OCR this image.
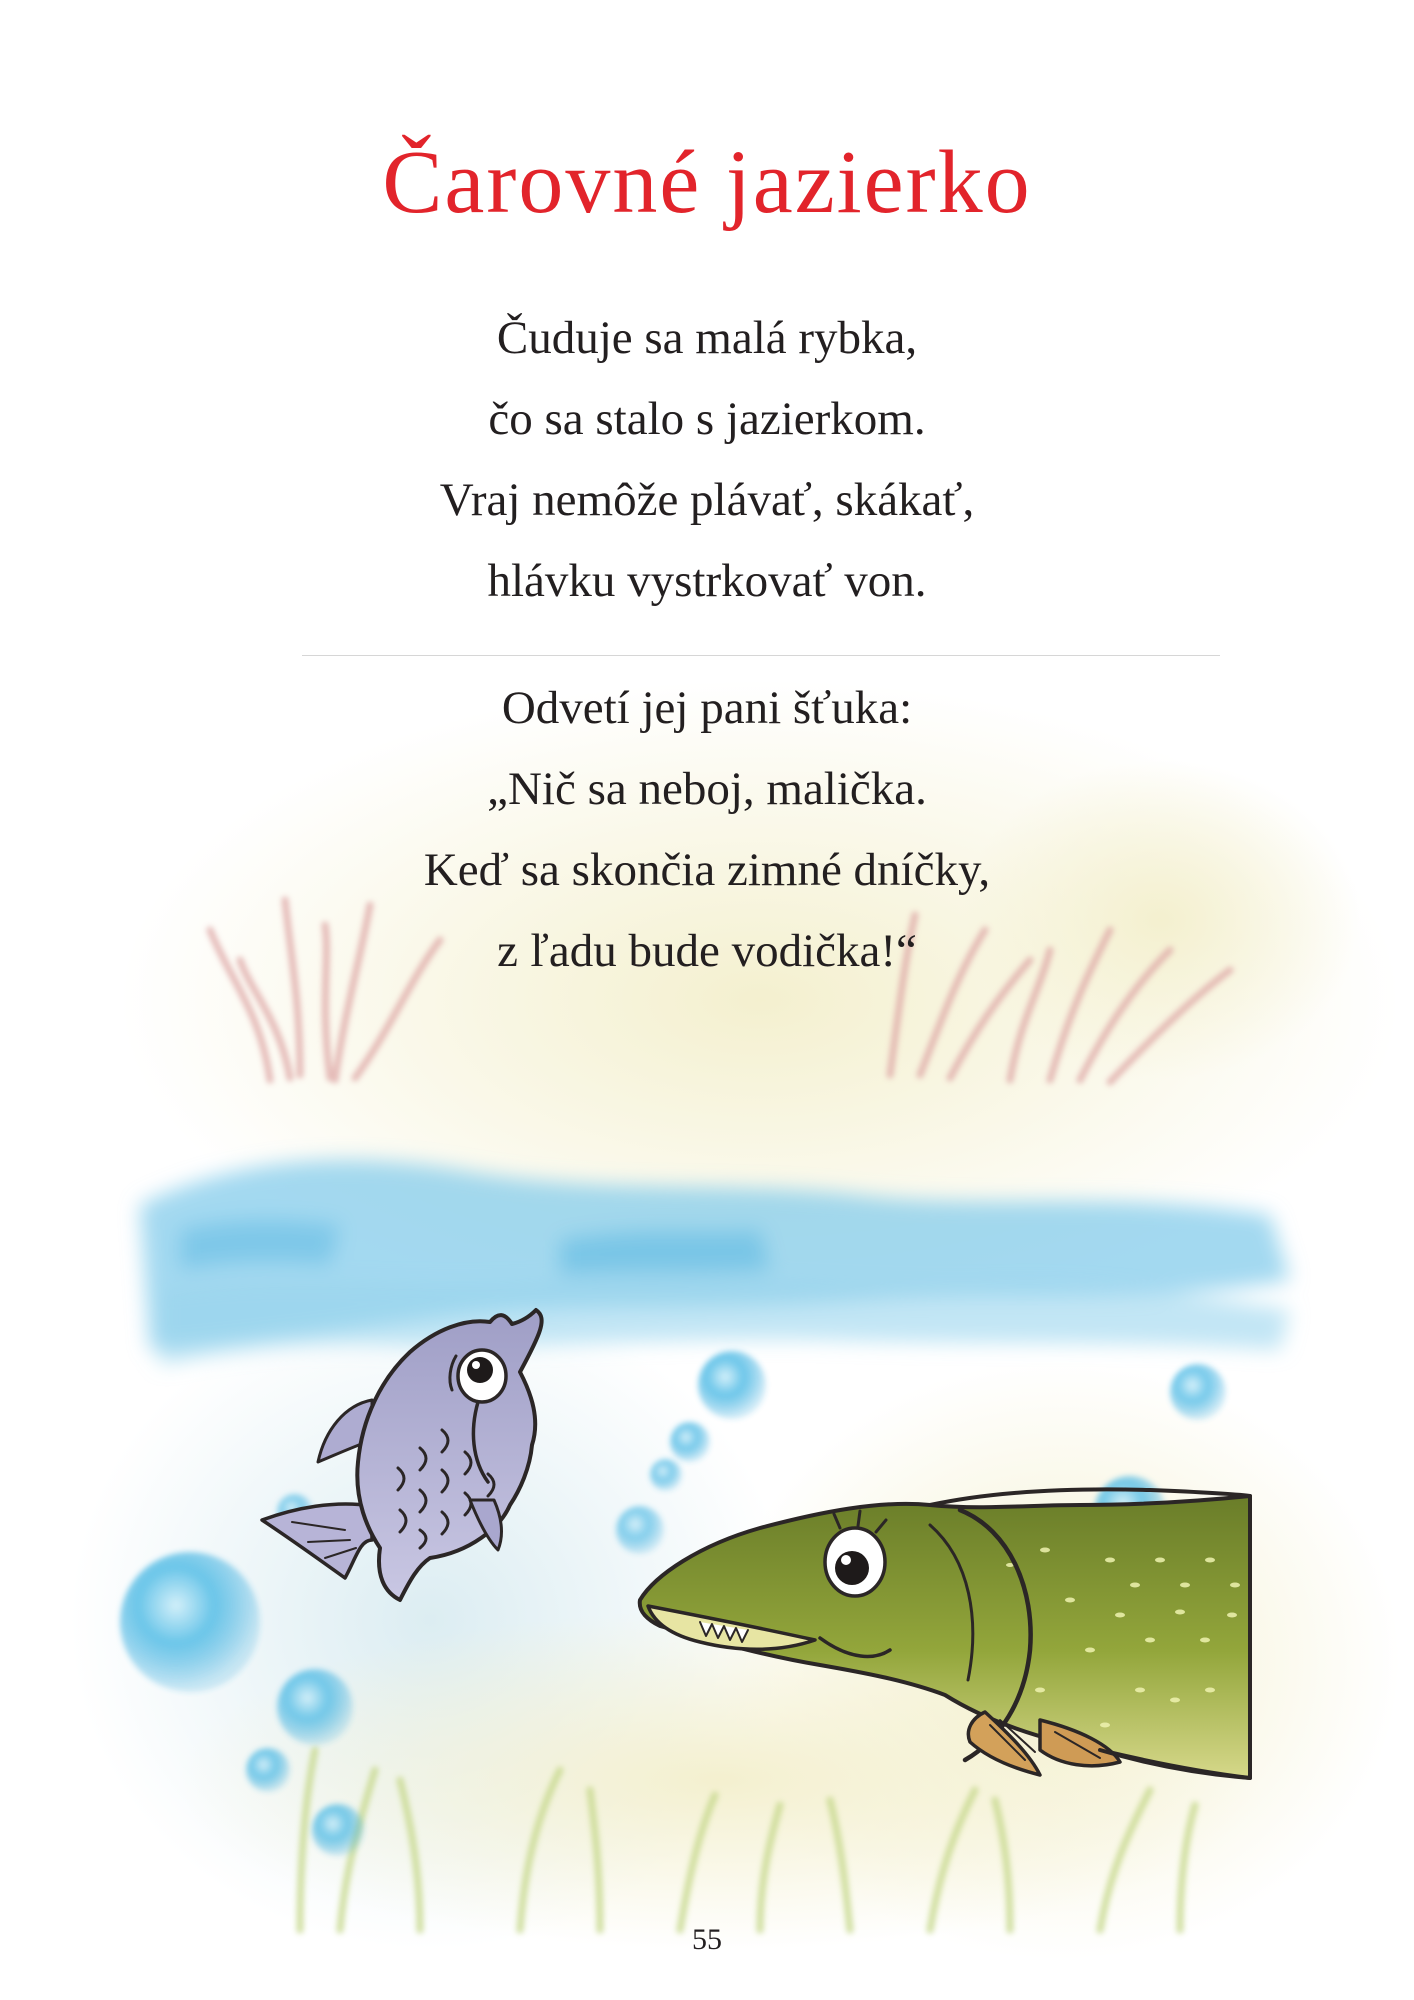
Čarovné jazierko
Čuduje sa malá rybka,
čo sa stalo s jazierkom.
Vraj nemôže plávať, skákať,
hlávku vystrkovať von.
Odvetí jej pani šťuka:
„Nič sa neboj, malička.
Keď sa skončia zimné dníčky,
z ľadu bude vodička!“
55
